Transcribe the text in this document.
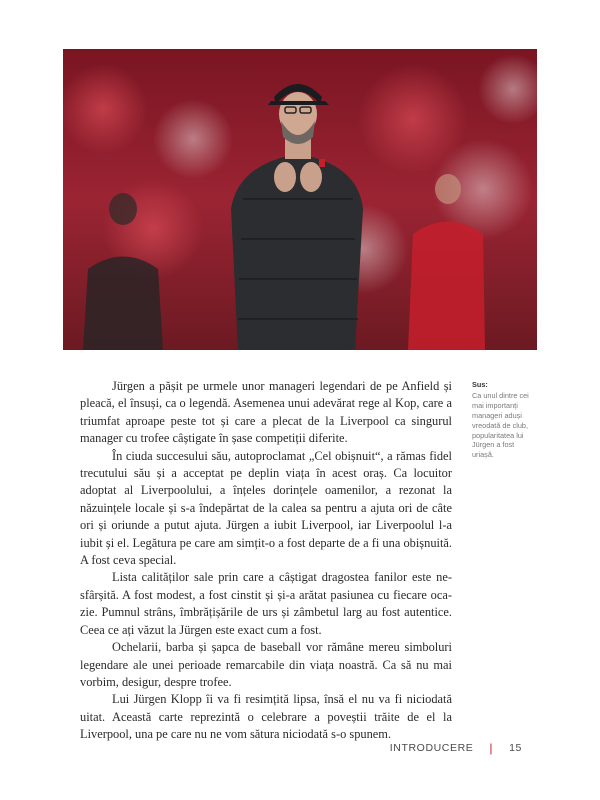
Jürgen a pășit pe urmele unor manageri legendari de pe Anfield și pleacă, el însuși, ca o legendă. Asemenea unui adevărat rege al Kop, care a triumfat aproape peste tot și care a plecat de la Liverpool ca singurul manager cu trofee câștigate în șase competiții diferite.

În ciuda succesului său, autoproclamat „Cel obișnuit“, a rămas fidel trecutului său și a acceptat pe deplin viața în acest oraș. Ca locuitor adoptat al Liverpoolului, a înțeles dorințele oamenilor, a rezonat la năzuințele locale și s-a îndepărtat de la calea sa pentru a ajuta ori de câte ori și oriunde a putut ajuta. Jürgen a iubit Liverpool, iar Liverpoolul l-a iubit și el. Legătura pe care am simțit-o a fost departe de a fi una obișnuită. A fost ceva special.

Lista calităților sale prin care a câștigat dragostea fanilor este nesfârșită. A fost modest, a fost cinstit și și-a arătat pasiunea cu fiecare ocazie. Pumnul strâns, îmbrățișările de urs și zâmbetul larg au fost autentice. Ceea ce ați văzut la Jürgen este exact cum a fost.

Ochelarii, barba și șapca de baseball vor rămâne mereu simboluri legendare ale unei perioade remarcabile din viața noastră. Ca să nu mai vorbim, desigur, despre trofee.

Lui Jürgen Klopp îi va fi resimțită lipsa, însă el nu va fi niciodată uitat. Această carte reprezintă o celebrare a poveștii trăite de el la Liverpool, una pe care nu ne vom sătura niciodată s-o spunem.

Sus:
Ca unul dintre cei mai importanți manageri aduși vreodată de club, popularitatea lui Jürgen a fost uriașă.
INTRODUCERE | 15
